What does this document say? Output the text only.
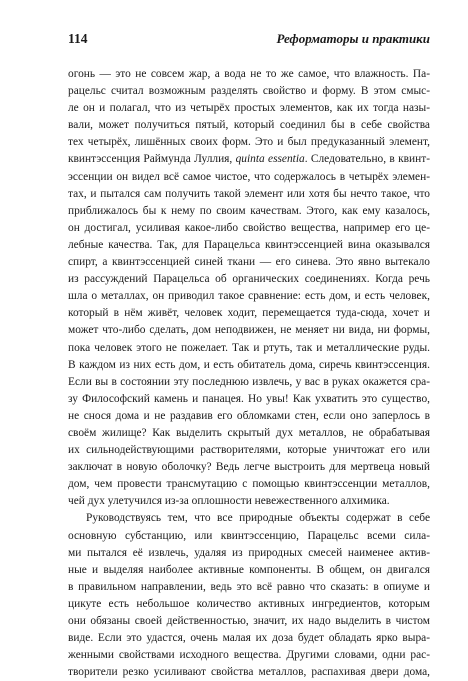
114	Реформаторы и практики
огонь — это не совсем жар, а вода не то же самое, что влажность. Па-
рацельс считал возможным разделять свойство и форму. В этом смыс-
ле он и полагал, что из четырёх простых элементов, как их тогда назы-
вали, может получиться пятый, который соединил бы в себе свойства
тех четырёх, лишённых своих форм. Это и был предуказанный элемент,
квинтэссенция Раймунда Луллия, quinta essentia. Следовательно, в квинт-
эссенции он видел всё самое чистое, что содержалось в четырёх элемен-
тах, и пытался сам получить такой элемент или хотя бы нечто такое, что
приближалось бы к нему по своим качествам. Этого, как ему казалось,
он достигал, усиливая какое-либо свойство вещества, например его це-
лебные качества. Так, для Парацельса квинтэссенцией вина оказывался
спирт, а квинтэссенцией синей ткани — его синева. Это явно вытекало
из рассуждений Парацельса об органических соединениях. Когда речь
шла о металлах, он приводил такое сравнение: есть дом, и есть человек,
который в нём живёт, человек ходит, перемещается туда-сюда, хочет и
может что-либо сделать, дом неподвижен, не меняет ни вида, ни формы,
пока человек этого не пожелает. Так и ртуть, так и металлические руды.
В каждом из них есть дом, и есть обитатель дома, сиречь квинтэссенция.
Если вы в состоянии эту последнюю извлечь, у вас в руках окажется сра-
зу Философский камень и панацея. Но увы! Как ухватить это существо,
не снося дома и не раздавив его обломками стен, если оно заперлось в
своём жилище? Как выделить скрытый дух металлов, не обрабатывая
их сильнодействующими растворителями, которые уничтожат его или
заключат в новую оболочку? Ведь легче выстроить для мертвеца новый
дом, чем провести трансмутацию с помощью квинтэссенции металлов,
чей дух улетучился из-за оплошности невежественного алхимика.
Руководствуясь тем, что все природные объекты содержат в себе
основную субстанцию, или квинтэссенцию, Парацельс всеми сила-
ми пытался её извлечь, удаляя из природных смесей наименее актив-
ные и выделяя наиболее активные компоненты. В общем, он двигался
в правильном направлении, ведь это всё равно что сказать: в опиуме и
цикуте есть небольшое количество активных ингредиентов, которым
они обязаны своей действенностью, значит, их надо выделить в чистом
виде. Если это удастся, очень малая их доза будет обладать ярко выра-
женными свойствами исходного вещества. Другими словами, одни рас-
творители резко усиливают свойства металлов, распахивая двери дома,
